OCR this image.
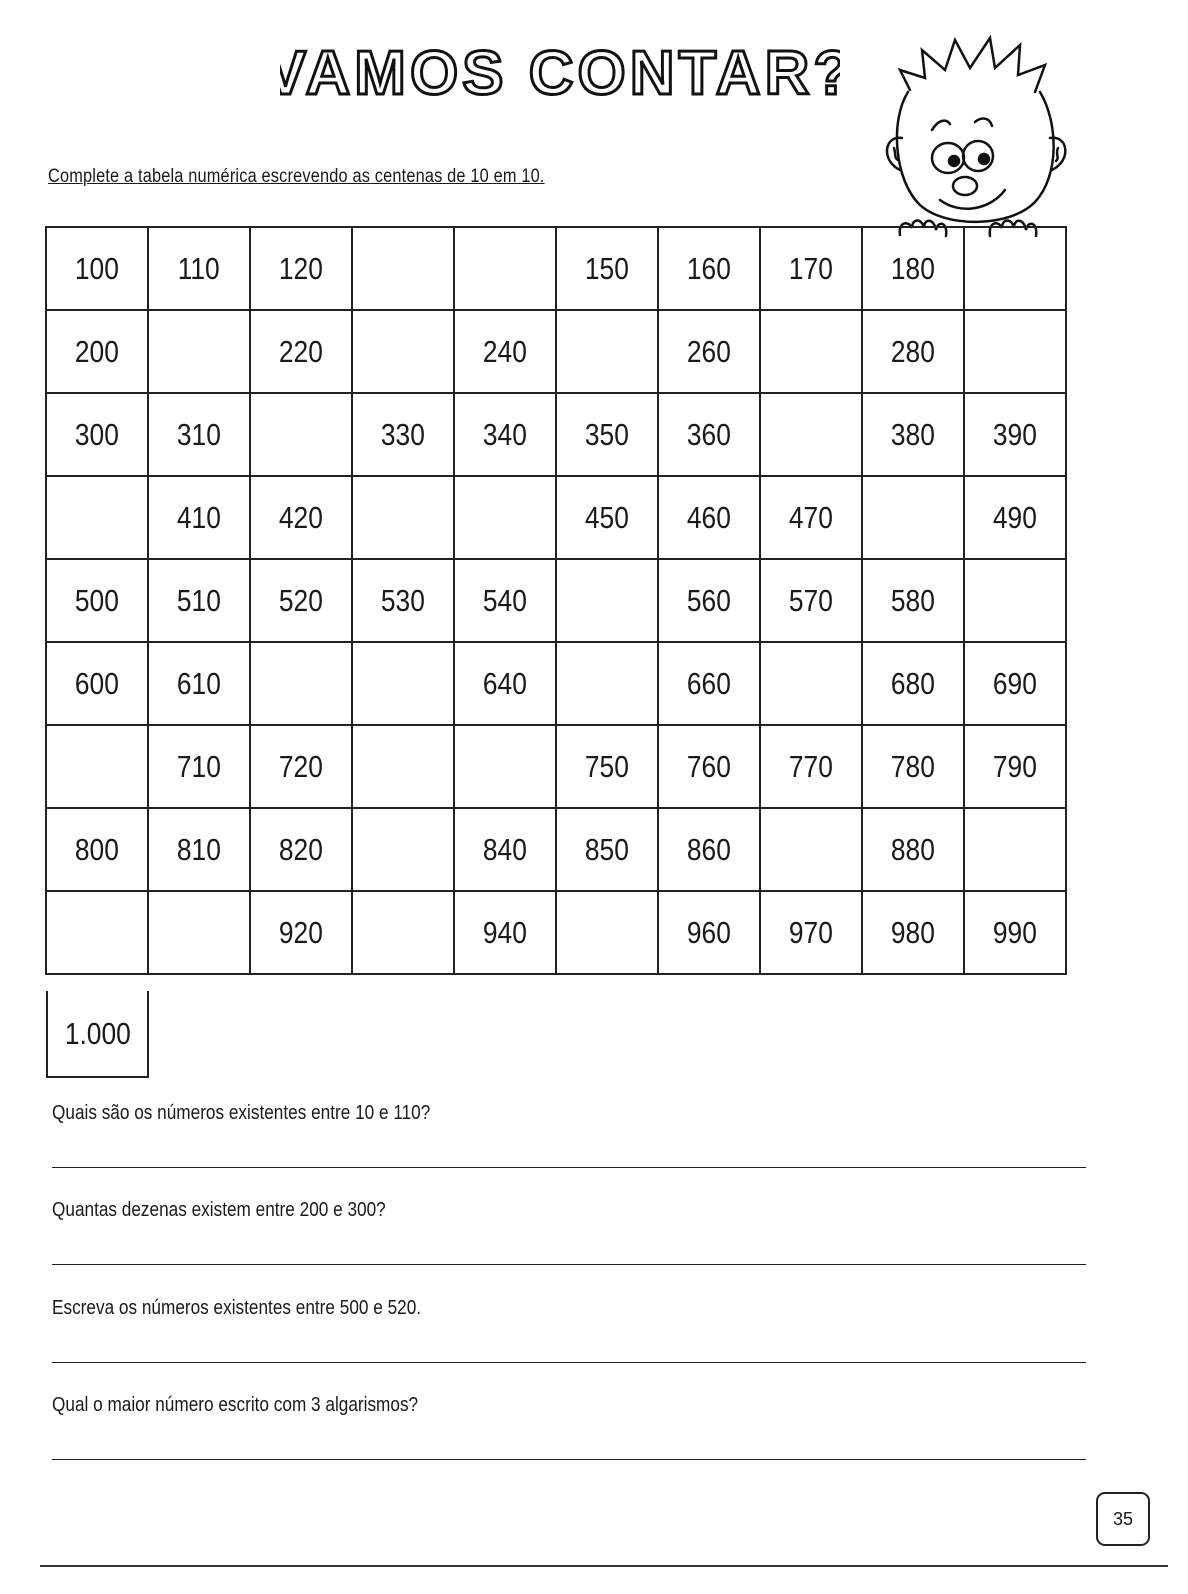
VAMOS CONTAR?
Complete a tabela numérica escrevendo as centenas de 10 em 10.
100	110	120			150	160	170	180	
200		220		240		260		280	
300	310		330	340	350	360		380	390
	410	420			450	460	470		490
500	510	520	530	540		560	570	580	
600	610			640		660		680	690
	710	720			750	760	770	780	790
800	810	820		840	850	860		880	
		920		940		960	970	980	990
1.000
Quais são os números existentes entre 10 e 110?
Quantas dezenas existem entre 200 e 300?
Escreva os números existentes entre 500 e 520.
Qual o maior número escrito com 3 algarismos?
35
